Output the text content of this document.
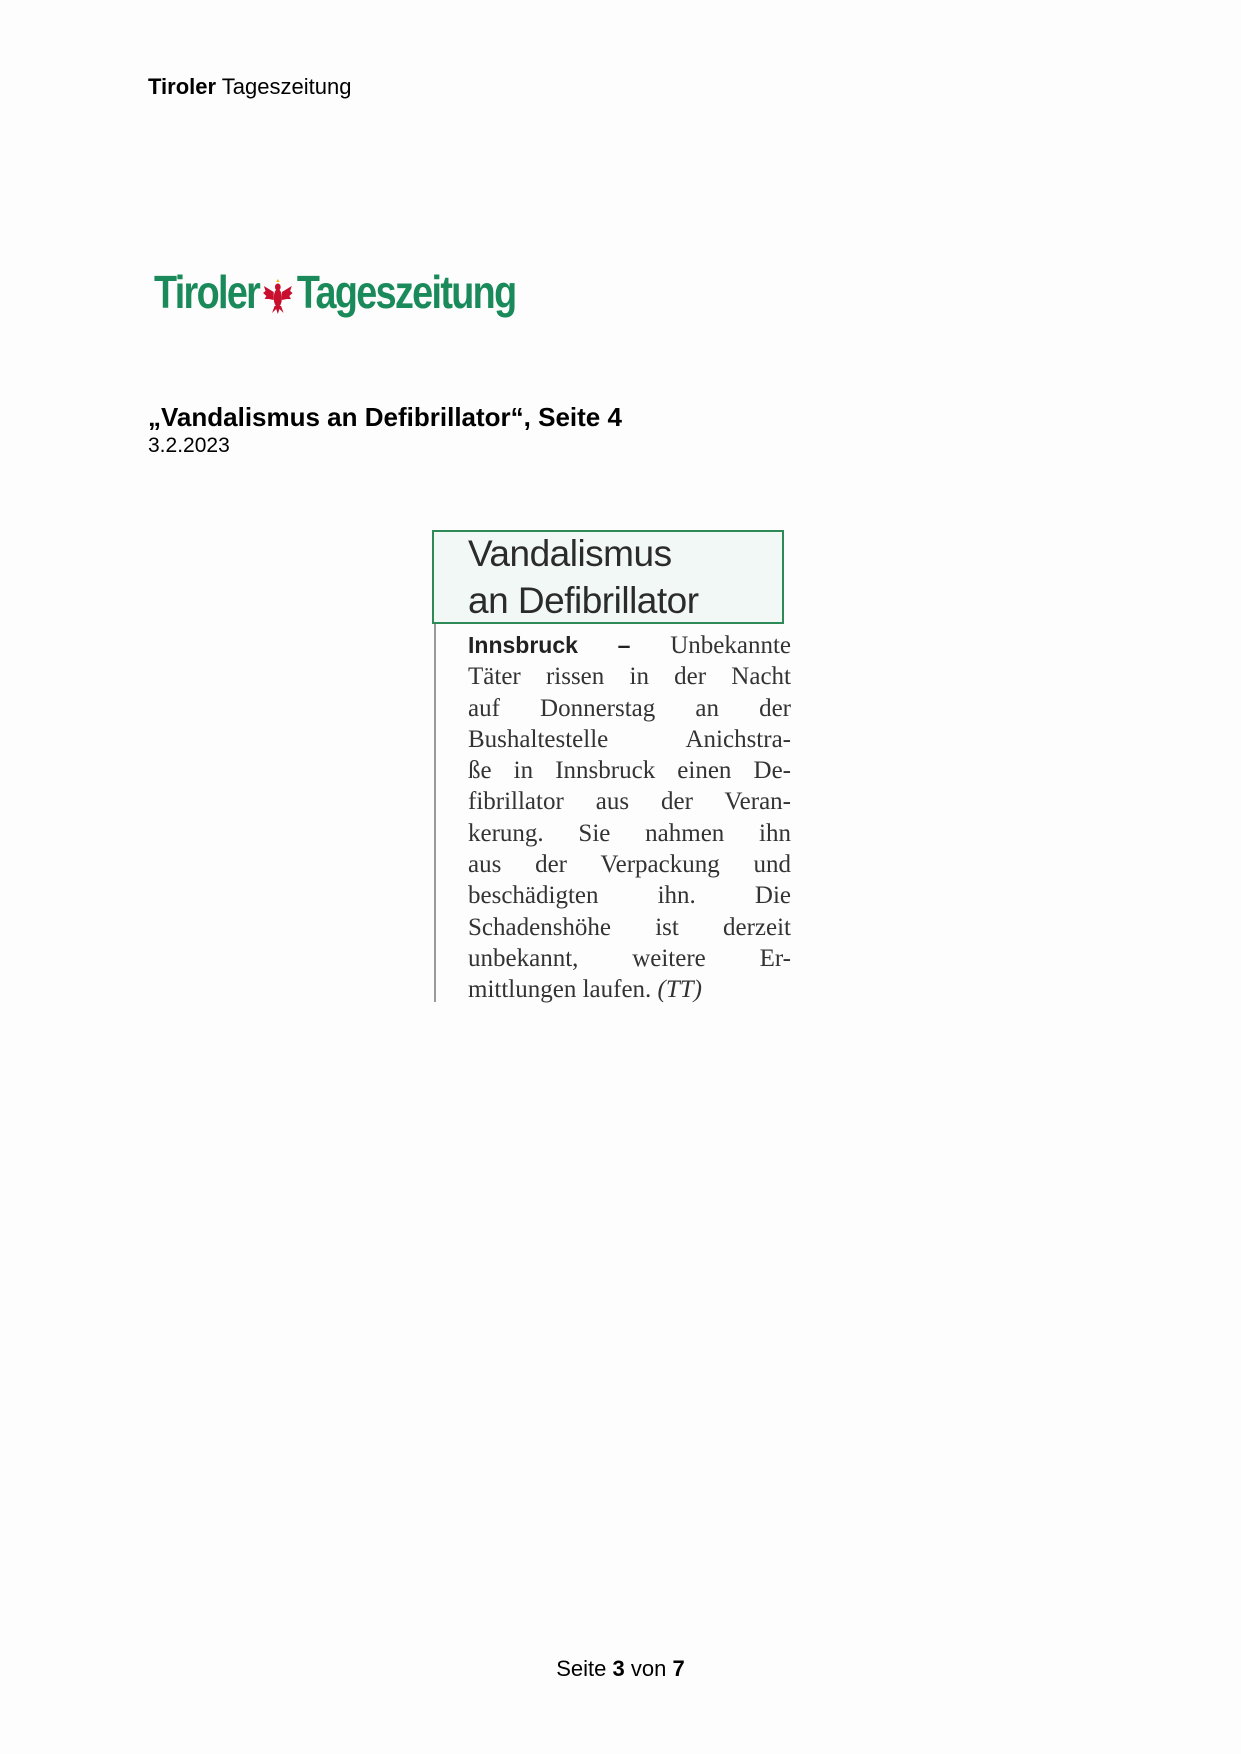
Tiroler Tageszeitung
Tiroler Tageszeitung
„Vandalismus an Defibrillator“, Seite 4
3.2.2023
Vandalismus
an Defibrillator
Innsbruck – Unbekannte
Täter rissen in der Nacht
auf Donnerstag an der
Bushaltestelle Anichstra-
ße in Innsbruck einen De-
fibrillator aus der Veran-
kerung. Sie nahmen ihn
aus der Verpackung und
beschädigten ihn. Die
Schadenshöhe ist derzeit
unbekannt, weitere Er-
mittlungen laufen. (TT)
Seite 3 von 7
